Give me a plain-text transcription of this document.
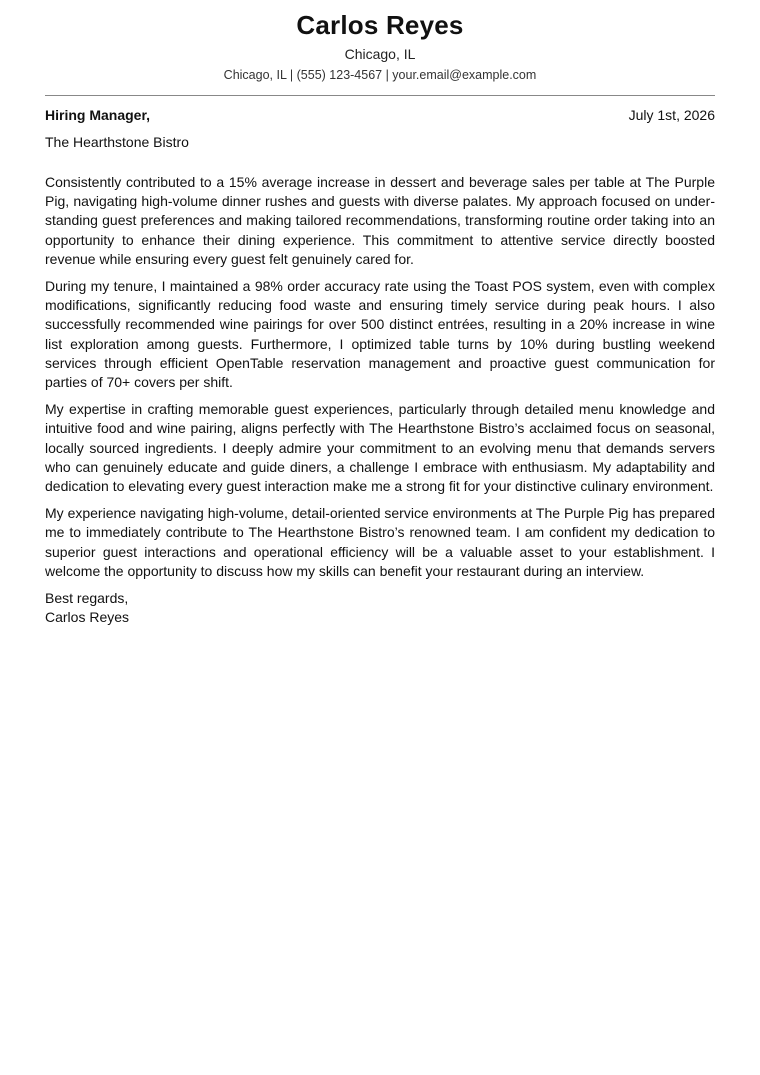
Carlos Reyes
Chicago, IL
Chicago, IL | (555) 123-4567 | your.email@example.com
Hiring Manager,	July 1st, 2026
The Hearthstone Bistro

Consistently contributed to a 15% average increase in dessert and beverage sales per table at The Purple Pig, navigating high-volume dinner rushes and guests with diverse palates. My approach focused on under-standing guest preferences and making tailored recommendations, transforming routine order taking into an opportunity to enhance their dining experience. This commitment to attentive service directly boosted revenue while ensuring every guest felt genuinely cared for.

During my tenure, I maintained a 98% order accuracy rate using the Toast POS system, even with complex modifications, significantly reducing food waste and ensuring timely service during peak hours. I also successfully recommended wine pairings for over 500 distinct entrées, resulting in a 20% increase in wine list exploration among guests. Furthermore, I optimized table turns by 10% during bustling weekend services through efficient OpenTable reservation management and proactive guest communication for parties of 70+ covers per shift.

My expertise in crafting memorable guest experiences, particularly through detailed menu knowledge and intuitive food and wine pairing, aligns perfectly with The Hearthstone Bistro’s acclaimed focus on seasonal, locally sourced ingredients. I deeply admire your commitment to an evolving menu that demands servers who can genuinely educate and guide diners, a challenge I embrace with enthusiasm. My adaptability and dedication to elevating every guest interaction make me a strong fit for your distinctive culinary environment.

My experience navigating high-volume, detail-oriented service environments at The Purple Pig has prepared me to immediately contribute to The Hearthstone Bistro’s renowned team. I am confident my dedication to superior guest interactions and operational efficiency will be a valuable asset to your establishment. I welcome the opportunity to discuss how my skills can benefit your restaurant during an interview.

Best regards,
Carlos Reyes
